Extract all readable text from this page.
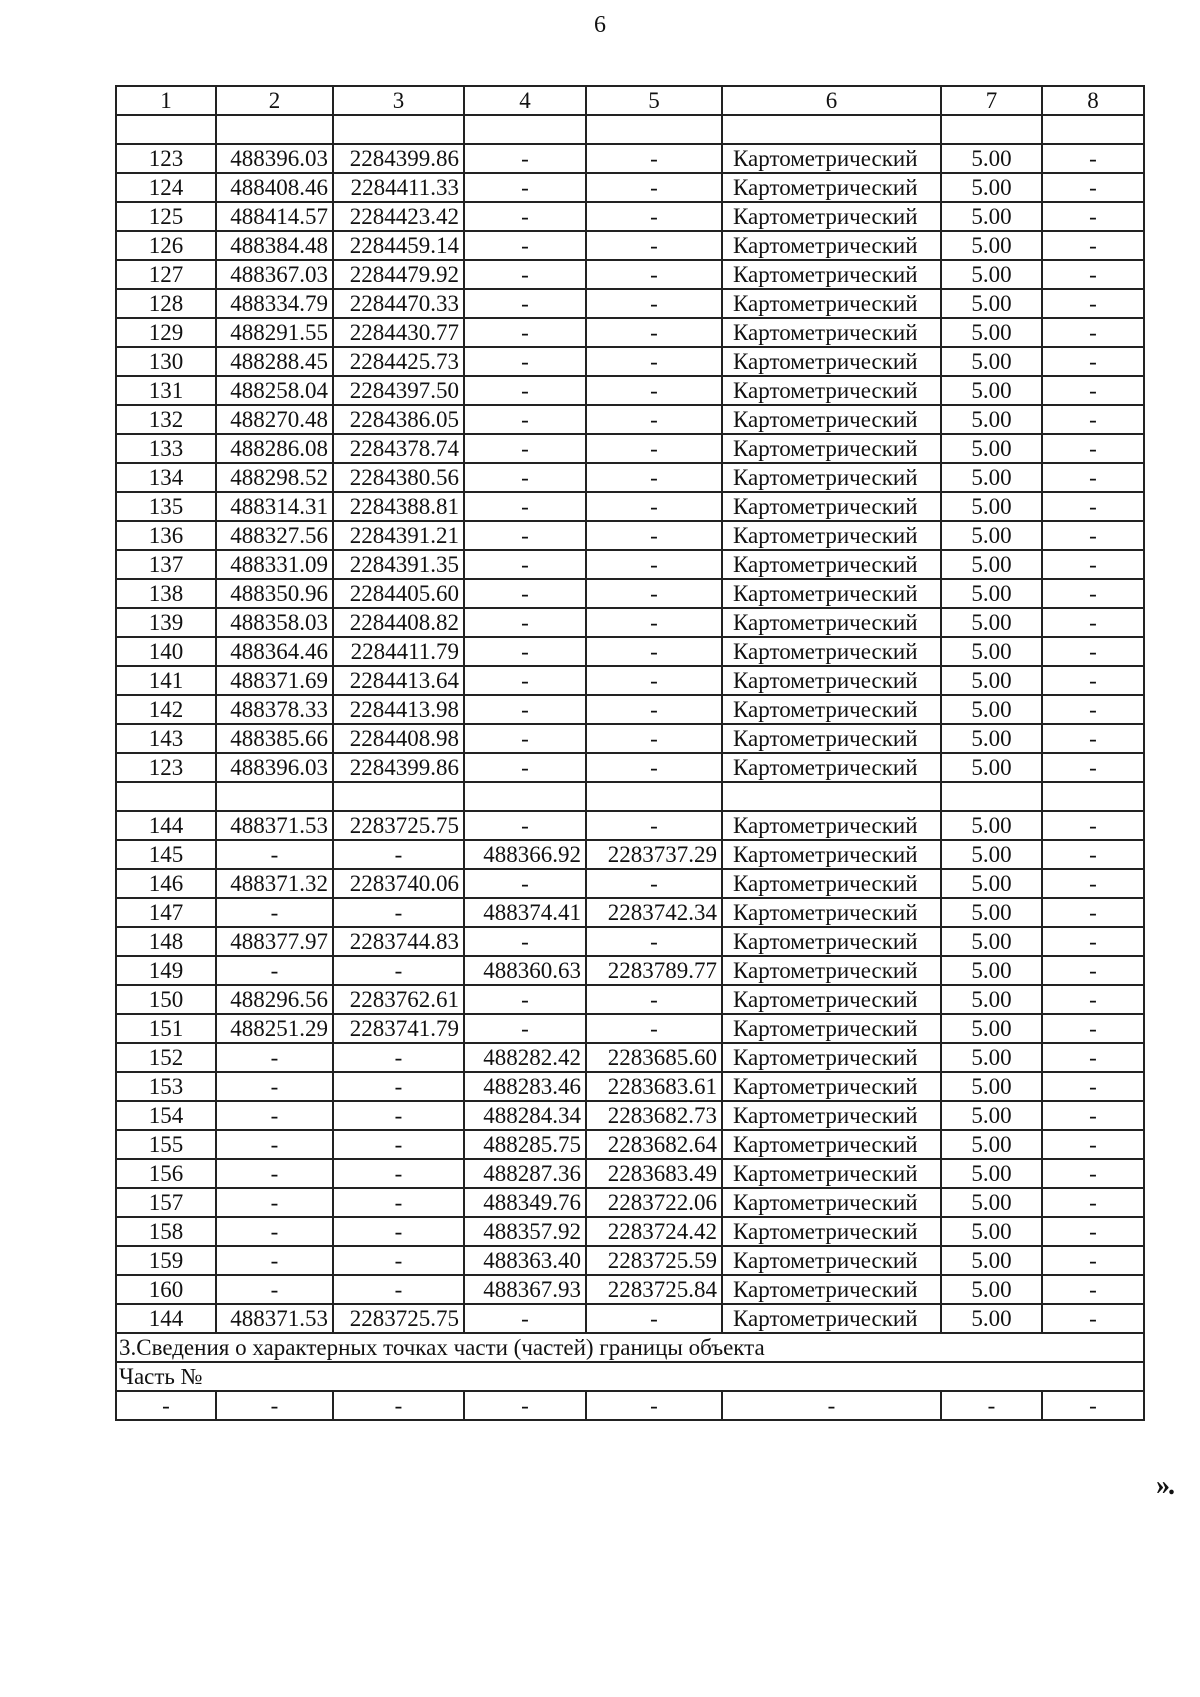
6
1	2	3	4	5	6	7	8

123	488396.03	2284399.86	-	-	Картометрический	5.00	-
124	488408.46	2284411.33	-	-	Картометрический	5.00	-
125	488414.57	2284423.42	-	-	Картометрический	5.00	-
126	488384.48	2284459.14	-	-	Картометрический	5.00	-
127	488367.03	2284479.92	-	-	Картометрический	5.00	-
128	488334.79	2284470.33	-	-	Картометрический	5.00	-
129	488291.55	2284430.77	-	-	Картометрический	5.00	-
130	488288.45	2284425.73	-	-	Картометрический	5.00	-
131	488258.04	2284397.50	-	-	Картометрический	5.00	-
132	488270.48	2284386.05	-	-	Картометрический	5.00	-
133	488286.08	2284378.74	-	-	Картометрический	5.00	-
134	488298.52	2284380.56	-	-	Картометрический	5.00	-
135	488314.31	2284388.81	-	-	Картометрический	5.00	-
136	488327.56	2284391.21	-	-	Картометрический	5.00	-
137	488331.09	2284391.35	-	-	Картометрический	5.00	-
138	488350.96	2284405.60	-	-	Картометрический	5.00	-
139	488358.03	2284408.82	-	-	Картометрический	5.00	-
140	488364.46	2284411.79	-	-	Картометрический	5.00	-
141	488371.69	2284413.64	-	-	Картометрический	5.00	-
142	488378.33	2284413.98	-	-	Картометрический	5.00	-
143	488385.66	2284408.98	-	-	Картометрический	5.00	-
123	488396.03	2284399.86	-	-	Картометрический	5.00	-

144	488371.53	2283725.75	-	-	Картометрический	5.00	-
145	-	-	488366.92	2283737.29	Картометрический	5.00	-
146	488371.32	2283740.06	-	-	Картометрический	5.00	-
147	-	-	488374.41	2283742.34	Картометрический	5.00	-
148	488377.97	2283744.83	-	-	Картометрический	5.00	-
149	-	-	488360.63	2283789.77	Картометрический	5.00	-
150	488296.56	2283762.61	-	-	Картометрический	5.00	-
151	488251.29	2283741.79	-	-	Картометрический	5.00	-
152	-	-	488282.42	2283685.60	Картометрический	5.00	-
153	-	-	488283.46	2283683.61	Картометрический	5.00	-
154	-	-	488284.34	2283682.73	Картометрический	5.00	-
155	-	-	488285.75	2283682.64	Картометрический	5.00	-
156	-	-	488287.36	2283683.49	Картометрический	5.00	-
157	-	-	488349.76	2283722.06	Картометрический	5.00	-
158	-	-	488357.92	2283724.42	Картометрический	5.00	-
159	-	-	488363.40	2283725.59	Картометрический	5.00	-
160	-	-	488367.93	2283725.84	Картометрический	5.00	-
144	488371.53	2283725.75	-	-	Картометрический	5.00	-
3.Сведения о характерных точках части (частей) границы объекта							
Часть №							
-	-	-	-	-	-	-	-
».
